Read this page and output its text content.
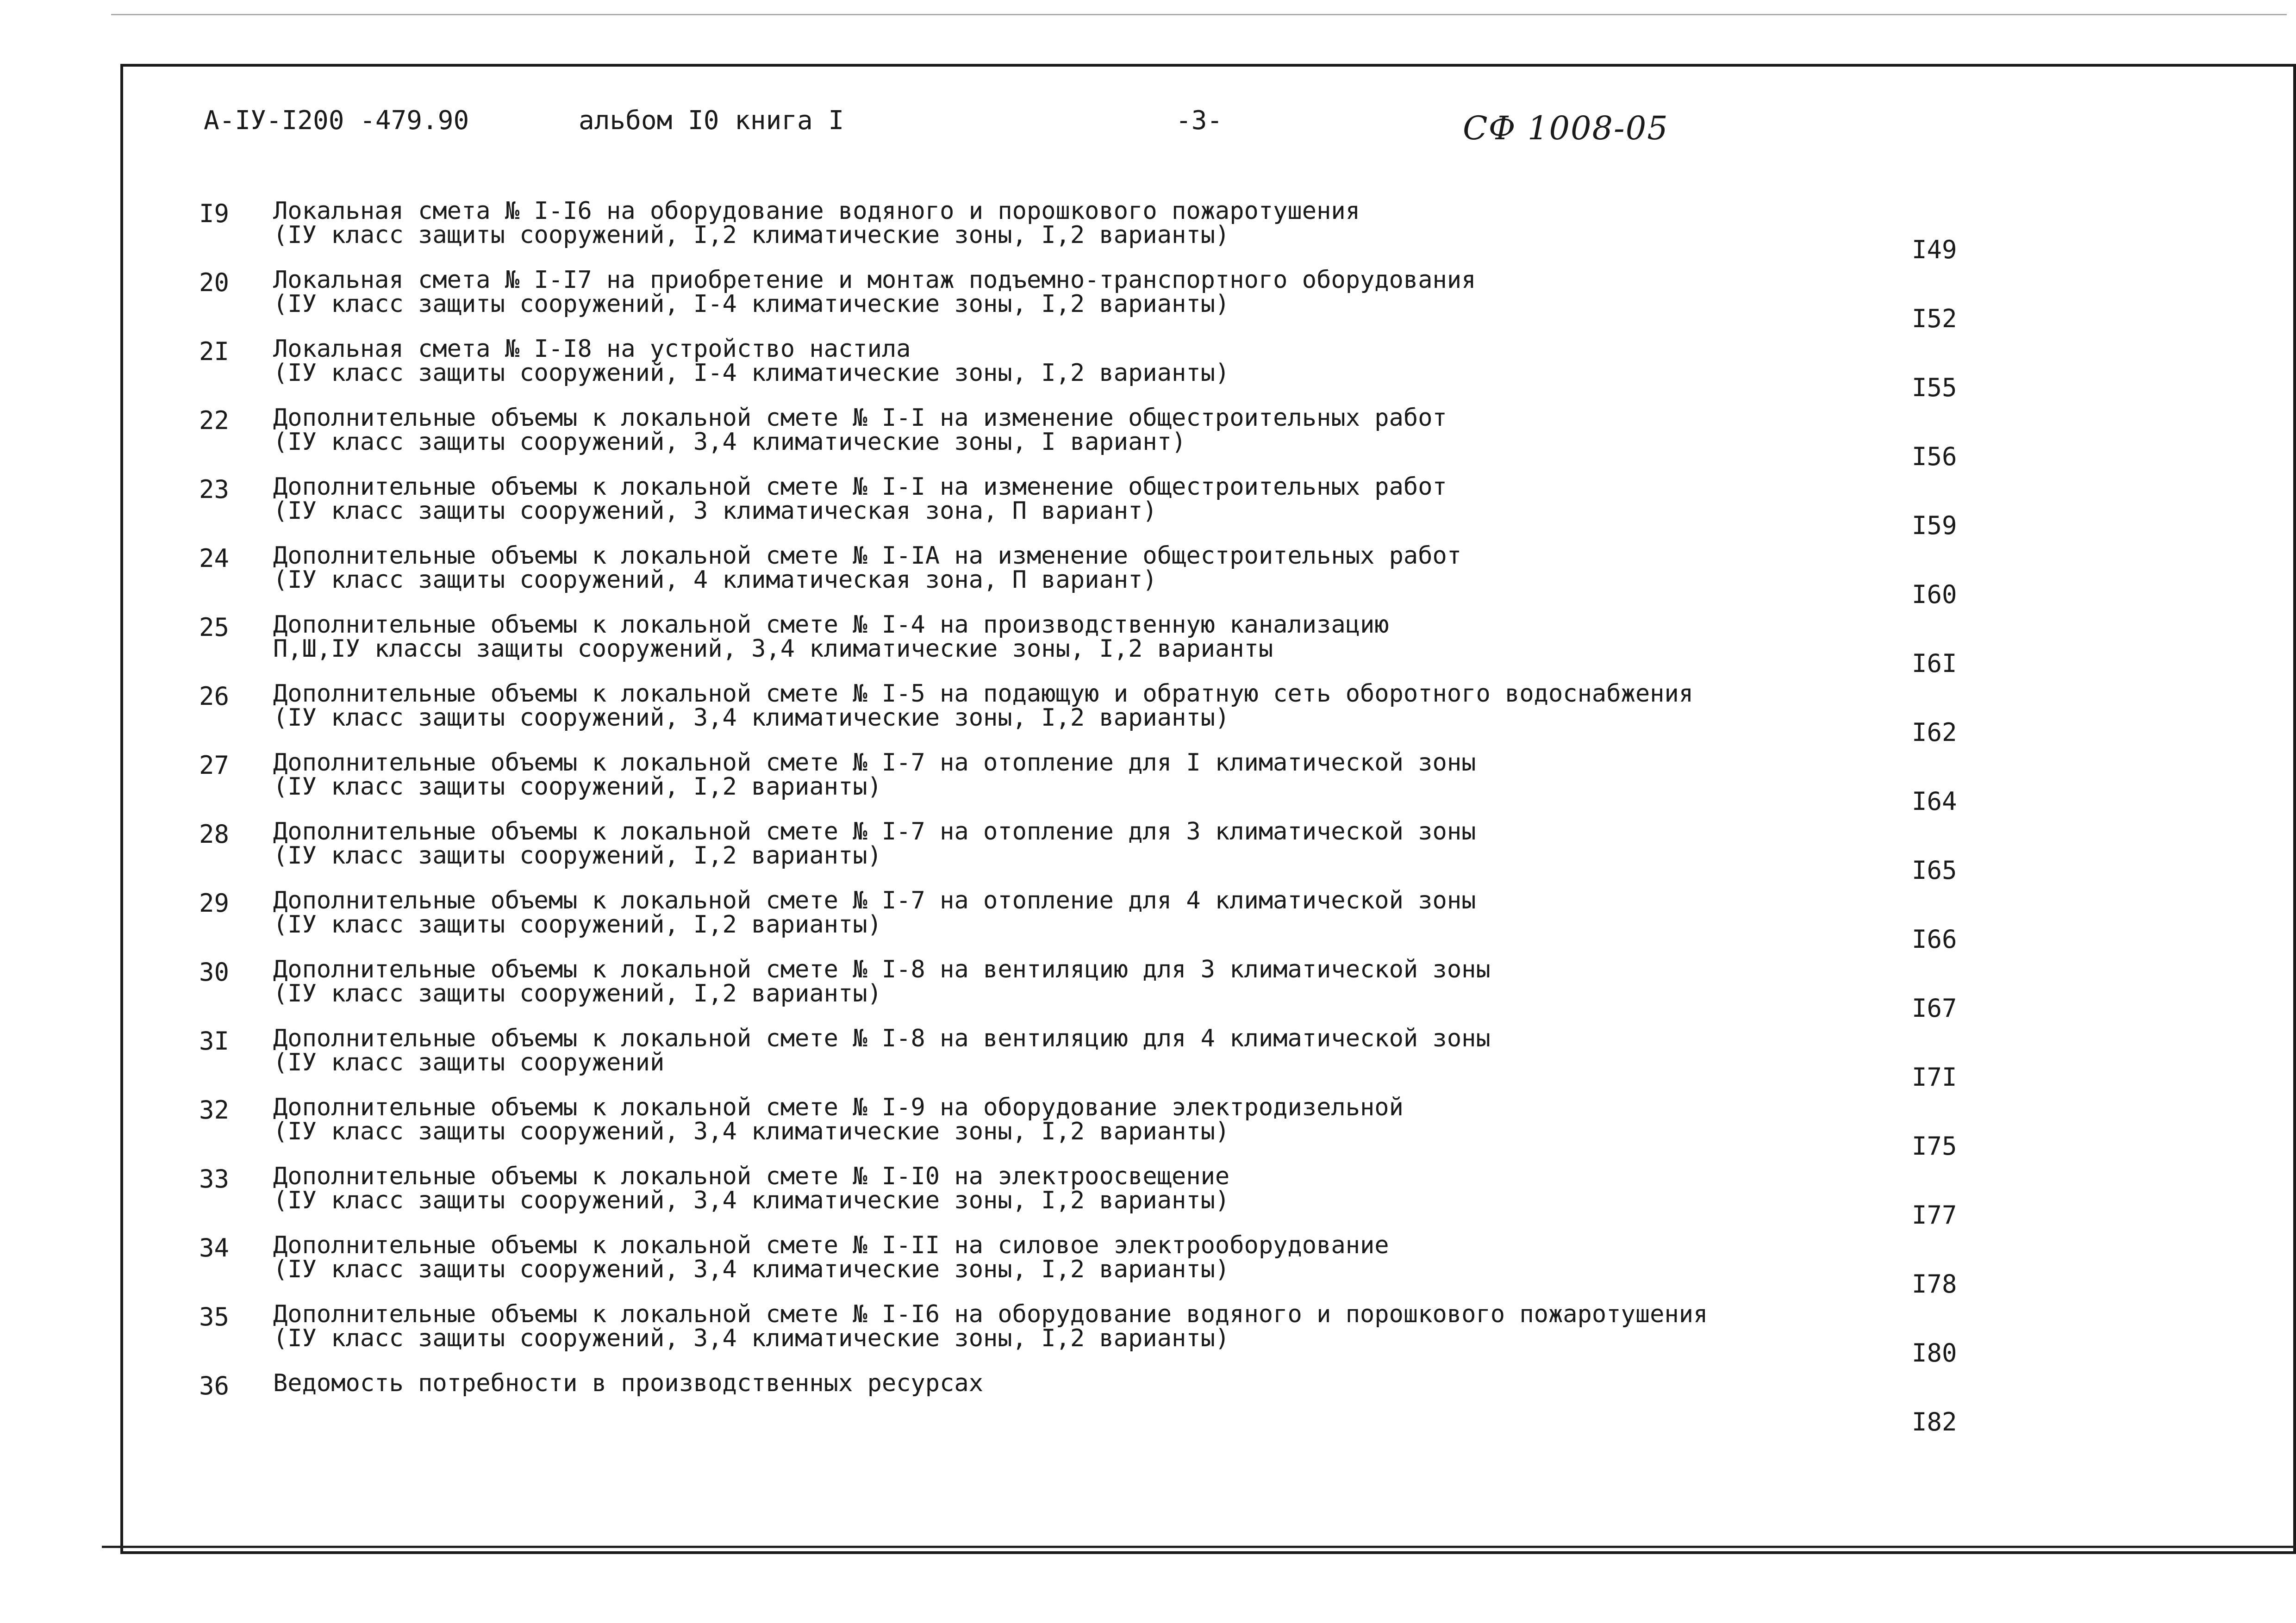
А-IУ-I200 -479.90	альбом I0 книга I	-3-	СФ 1008-05
I9	Локальная смета № I-I6 на оборудование водяного и порошкового пожаротушения
(IУ класс защиты сооружений, I,2 климатические зоны, I,2 варианты)	I49
20	Локальная смета № I-I7 на приобретение и монтаж подъемно-транспортного оборудования
(IУ класс защиты сооружений, I-4 климатические зоны, I,2 варианты)	I52
2I	Локальная смета № I-I8 на устройство настила
(IУ класс защиты сооружений, I-4 климатические зоны, I,2 варианты)	I55
22	Дополнительные объемы к локальной смете № I-I на изменение общестроительных работ
(IУ класс защиты сооружений, 3,4 климатические зоны, I вариант)	I56
23	Дополнительные объемы к локальной смете № I-I на изменение общестроительных работ
(IУ класс защиты сооружений, 3 климатическая зона, П вариант)	I59
24	Дополнительные объемы к локальной смете № I-IA на изменение общестроительных работ
(IУ класс защиты сооружений, 4 климатическая зона, П вариант)	I60
25	Дополнительные объемы к локальной смете № I-4 на производственную канализацию
П,Ш,IУ классы защиты сооружений, 3,4 климатические зоны, I,2 варианты	I6I
26	Дополнительные объемы к локальной смете № I-5 на подающую и обратную сеть оборотного водоснабжения
(IУ класс защиты сооружений, 3,4 климатические зоны, I,2 варианты)	I62
27	Дополнительные объемы к локальной смете № I-7 на отопление для I климатической зоны
(IУ класс защиты сооружений, I,2 варианты)	I64
28	Дополнительные объемы к локальной смете № I-7 на отопление для 3 климатической зоны
(IУ класс защиты сооружений, I,2 варианты)	I65
29	Дополнительные объемы к локальной смете № I-7 на отопление для 4 климатической зоны
(IУ класс защиты сооружений, I,2 варианты)	I66
30	Дополнительные объемы к локальной смете № I-8 на вентиляцию для 3 климатической зоны
(IУ класс защиты сооружений, I,2 варианты)	I67
3I	Дополнительные объемы к локальной смете № I-8 на вентиляцию для 4 климатической зоны
(IУ класс защиты сооружений	I7I
32	Дополнительные объемы к локальной смете № I-9 на оборудование электродизельной
(IУ класс защиты сооружений, 3,4 климатические зоны, I,2 варианты)	I75
33	Дополнительные объемы к локальной смете № I-I0 на электроосвещение
(IУ класс защиты сооружений, 3,4 климатические зоны, I,2 варианты)	I77
34	Дополнительные объемы к локальной смете № I-II на силовое электрооборудование
(IУ класс защиты сооружений, 3,4 климатические зоны, I,2 варианты)	I78
35	Дополнительные объемы к локальной смете № I-I6 на оборудование водяного и порошкового пожаротушения
(IУ класс защиты сооружений, 3,4 климатические зоны, I,2 варианты)	I80
36	Ведомость потребности в производственных ресурсах
I82
